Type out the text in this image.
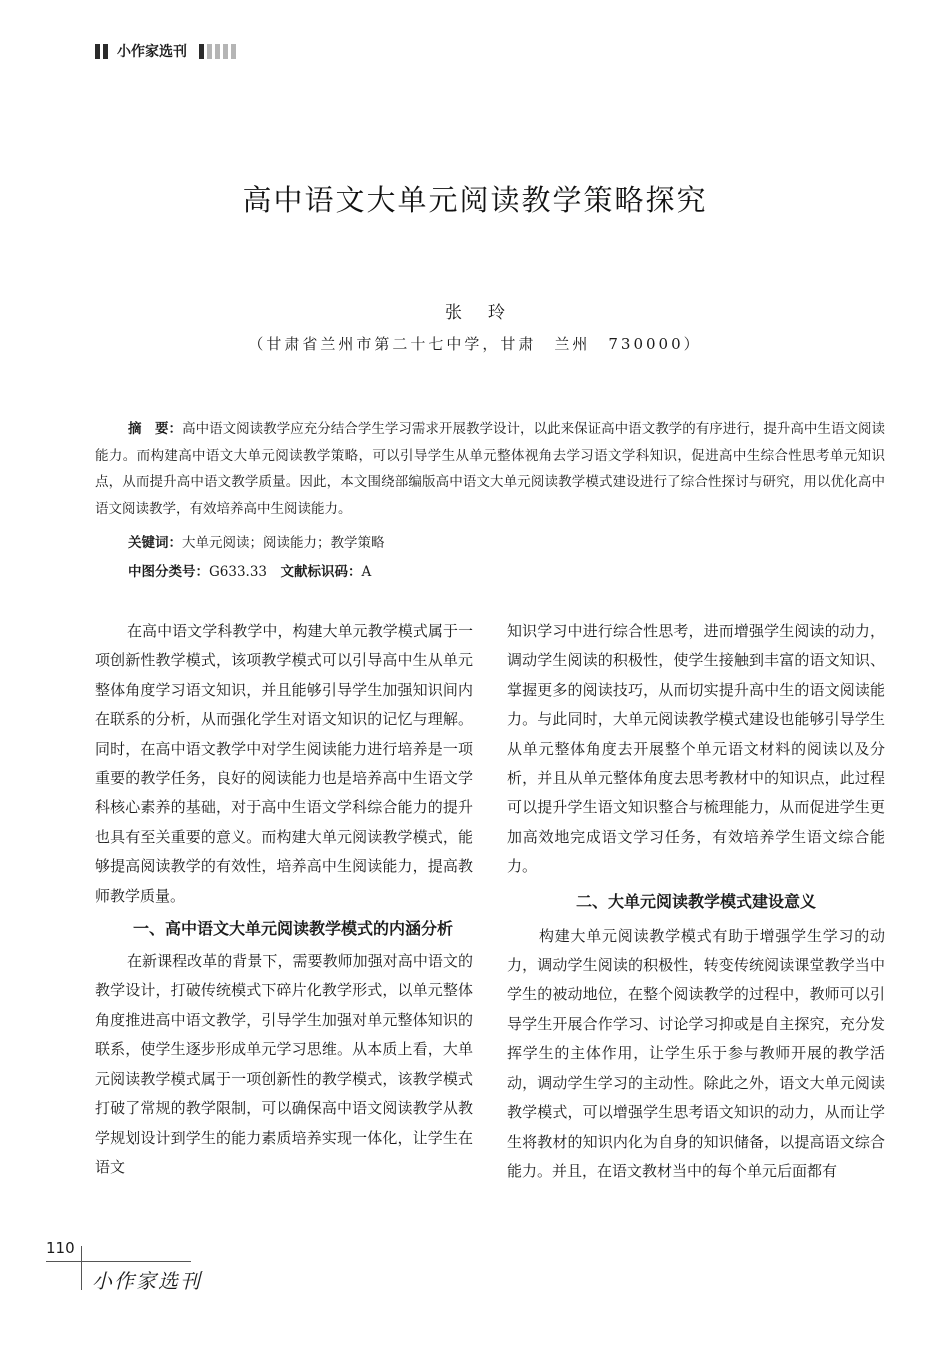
小作家选刊
高中语文大单元阅读教学策略探究
张玲
（甘肃省兰州市第二十七中学，甘肃　兰州　730000）

摘　要：高中语文阅读教学应充分结合学生学习需求开展教学设计，以此来保证高中语文教学的有序进行，提升高中生语文阅读能力。而构建高中语文大单元阅读教学策略，可以引导学生从单元整体视角去学习语文学科知识，促进高中生综合性思考单元知识点，从而提升高中语文教学质量。因此，本文围绕部编版高中语文大单元阅读教学模式建设进行了综合性探讨与研究，用以优化高中语文阅读教学，有效培养高中生阅读能力。

关键词：大单元阅读；阅读能力；教学策略
中图分类号：G633.33  文献标识码：A

在高中语文学科教学中，构建大单元教学模式属于一项创新性教学模式，该项教学模式可以引导高中生从单元整体角度学习语文知识，并且能够引导学生加强知识间内在联系的分析，从而强化学生对语文知识的记忆与理解。同时，在高中语文教学中对学生阅读能力进行培养是一项重要的教学任务，良好的阅读能力也是培养高中生语文学科核心素养的基础，对于高中生语文学科综合能力的提升也具有至关重要的意义。而构建大单元阅读教学模式，能够提高阅读教学的有效性，培养高中生阅读能力，提高教师教学质量。

一、高中语文大单元阅读教学模式的内涵分析

在新课程改革的背景下，需要教师加强对高中语文的教学设计，打破传统模式下碎片化教学形式，以单元整体角度推进高中语文教学，引导学生加强对单元整体知识的联系，使学生逐步形成单元学习思维。从本质上看，大单元阅读教学模式属于一项创新性的教学模式，该教学模式打破了常规的教学限制，可以确保高中语文阅读教学从教学规划设计到学生的能力素质培养实现一体化，让学生在语文

知识学习中进行综合性思考，进而增强学生阅读的动力，调动学生阅读的积极性，使学生接触到丰富的语文知识、掌握更多的阅读技巧，从而切实提升高中生的语文阅读能力。与此同时，大单元阅读教学模式建设也能够引导学生从单元整体角度去开展整个单元语文材料的阅读以及分析，并且从单元整体角度去思考教材中的知识点，此过程可以提升学生语文知识整合与梳理能力，从而促进学生更加高效地完成语文学习任务，有效培养学生语文综合能力。

二、大单元阅读教学模式建设意义

构建大单元阅读教学模式有助于增强学生学习的动力，调动学生阅读的积极性，转变传统阅读课堂教学当中学生的被动地位，在整个阅读教学的过程中，教师可以引导学生开展合作学习、讨论学习抑或是自主探究，充分发挥学生的主体作用，让学生乐于参与教师开展的教学活动，调动学生学习的主动性。除此之外，语文大单元阅读教学模式，可以增强学生思考语文知识的动力，从而让学生将教材的知识内化为自身的知识储备，以提高语文综合能力。并且，在语文教材当中的每个单元后面都有

110
小作家选刊
